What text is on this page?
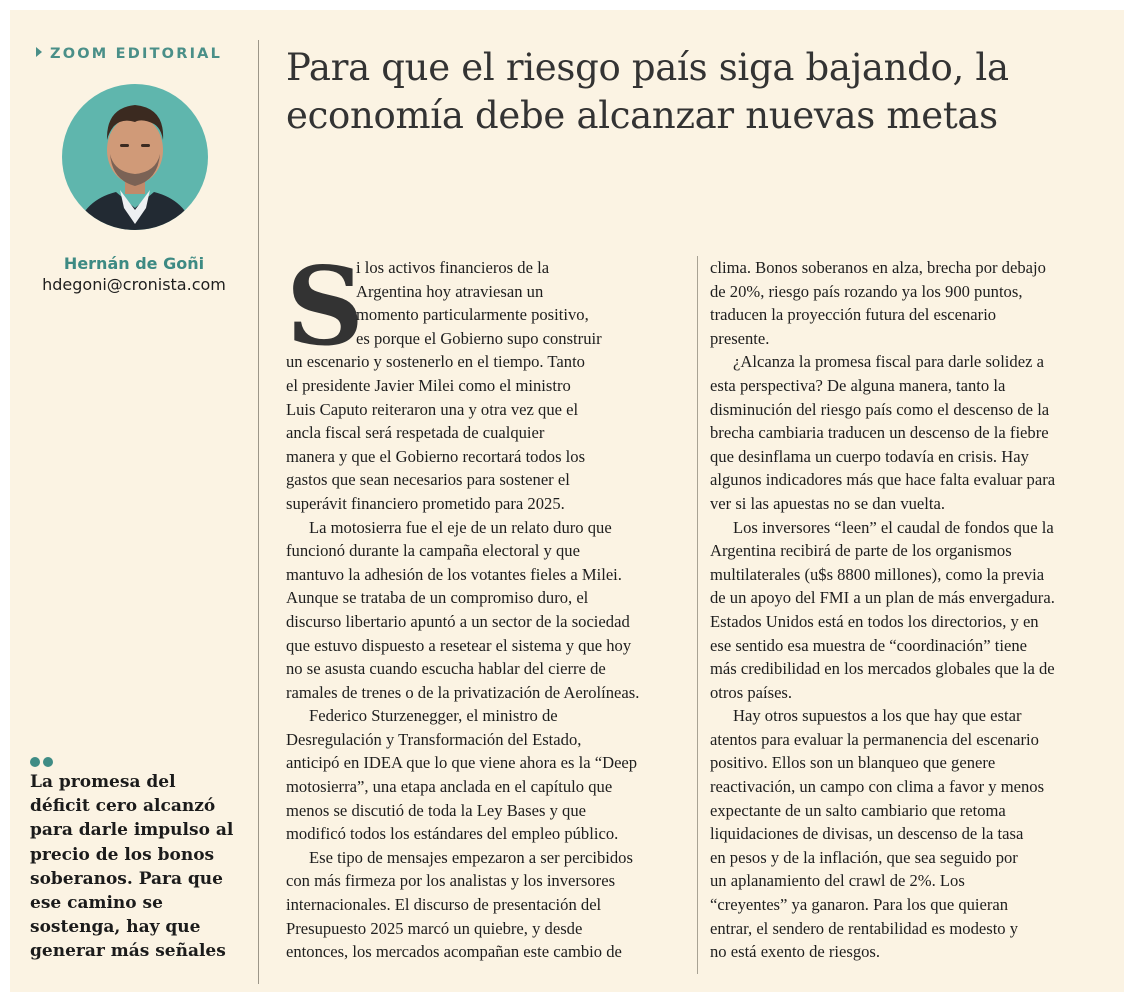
ZOOM EDITORIAL
Hernán de Goñi
hdegoni@cronista.com
La promesa del
déficit cero alcanzó
para darle impulso al
precio de los bonos
soberanos. Para que
ese camino se
sostenga, hay que
generar más señales
Para que el riesgo país siga bajando, la
economía debe alcanzar nuevas metas
S
i los activos financieros de la
Argentina hoy atraviesan un
momento particularmente positivo,
es porque el Gobierno supo construir
un escenario y sostenerlo en el tiempo. Tanto
el presidente Javier Milei como el ministro
Luis Caputo reiteraron una y otra vez que el
ancla fiscal será respetada de cualquier
manera y que el Gobierno recortará todos los
gastos que sean necesarios para sostener el
superávit financiero prometido para 2025.
La motosierra fue el eje de un relato duro que
funcionó durante la campaña electoral y que
mantuvo la adhesión de los votantes fieles a Milei.
Aunque se trataba de un compromiso duro, el
discurso libertario apuntó a un sector de la sociedad
que estuvo dispuesto a resetear el sistema y que hoy
no se asusta cuando escucha hablar del cierre de
ramales de trenes o de la privatización de Aerolíneas.
Federico Sturzenegger, el ministro de
Desregulación y Transformación del Estado,
anticipó en IDEA que lo que viene ahora es la “Deep
motosierra”, una etapa anclada en el capítulo que
menos se discutió de toda la Ley Bases y que
modificó todos los estándares del empleo público.
Ese tipo de mensajes empezaron a ser percibidos
con más firmeza por los analistas y los inversores
internacionales. El discurso de presentación del
Presupuesto 2025 marcó un quiebre, y desde
entonces, los mercados acompañan este cambio de
clima. Bonos soberanos en alza, brecha por debajo
de 20%, riesgo país rozando ya los 900 puntos,
traducen la proyección futura del escenario
presente.
¿Alcanza la promesa fiscal para darle solidez a
esta perspectiva? De alguna manera, tanto la
disminución del riesgo país como el descenso de la
brecha cambiaria traducen un descenso de la fiebre
que desinflama un cuerpo todavía en crisis. Hay
algunos indicadores más que hace falta evaluar para
ver si las apuestas no se dan vuelta.
Los inversores “leen” el caudal de fondos que la
Argentina recibirá de parte de los organismos
multilaterales (u$s 8800 millones), como la previa
de un apoyo del FMI a un plan de más envergadura.
Estados Unidos está en todos los directorios, y en
ese sentido esa muestra de “coordinación” tiene
más credibilidad en los mercados globales que la de
otros países.
Hay otros supuestos a los que hay que estar
atentos para evaluar la permanencia del escenario
positivo. Ellos son un blanqueo que genere
reactivación, un campo con clima a favor y menos
expectante de un salto cambiario que retoma
liquidaciones de divisas, un descenso de la tasa
en pesos y de la inflación, que sea seguido por
un aplanamiento del crawl de 2%. Los
“creyentes” ya ganaron. Para los que quieran
entrar, el sendero de rentabilidad es modesto y
no está exento de riesgos.
